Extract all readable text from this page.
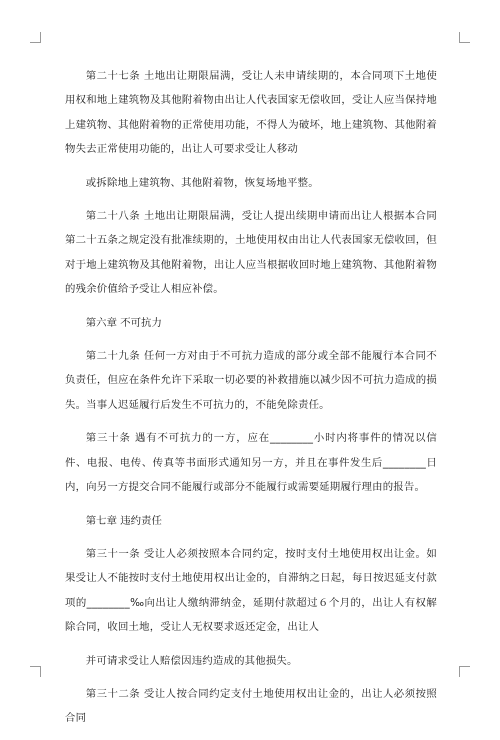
第二十七条 土地出让期限届满，受让人未申请续期的，本合同项下土地使用权和地上建筑物及其他附着物由出让人代表国家无偿收回，受让人应当保持地上建筑物、其他附着物的正常使用功能，不得人为破坏，地上建筑物、其他附着物失去正常使用功能的，出让人可要求受让人移动

或拆除地上建筑物、其他附着物，恢复场地平整。

第二十八条 土地出让期限届满，受让人提出续期申请而出让人根据本合同第二十五条之规定没有批准续期的，土地使用权由出让人代表国家无偿收回，但对于地上建筑物及其他附着物，出让人应当根据收回时地上建筑物、其他附着物的残余价值给予受让人相应补偿。

第六章 不可抗力

第二十九条 任何一方对由于不可抗力造成的部分或全部不能履行本合同不负责任，但应在条件允许下采取一切必要的补救措施以减少因不可抗力造成的损失。当事人迟延履行后发生不可抗力的，不能免除责任。

第三十条 遇有不可抗力的一方，应在________小时内将事件的情况以信件、电报、电传、传真等书面形式通知另一方，并且在事件发生后________日内，向另一方提交合同不能履行或部分不能履行或需要延期履行理由的报告。

第七章 违约责任

第三十一条 受让人必须按照本合同约定，按时支付土地使用权出让金。如果受让人不能按时支付土地使用权出让金的，自滞纳之日起，每日按迟延支付款项的________‰向出让人缴纳滞纳金，延期付款超过６个月的，出让人有权解除合同，收回土地，受让人无权要求返还定金，出让人

并可请求受让人赔偿因违约造成的其他损失。

第三十二条 受让人按合同约定支付土地使用权出让金的，出让人必须按照合同
